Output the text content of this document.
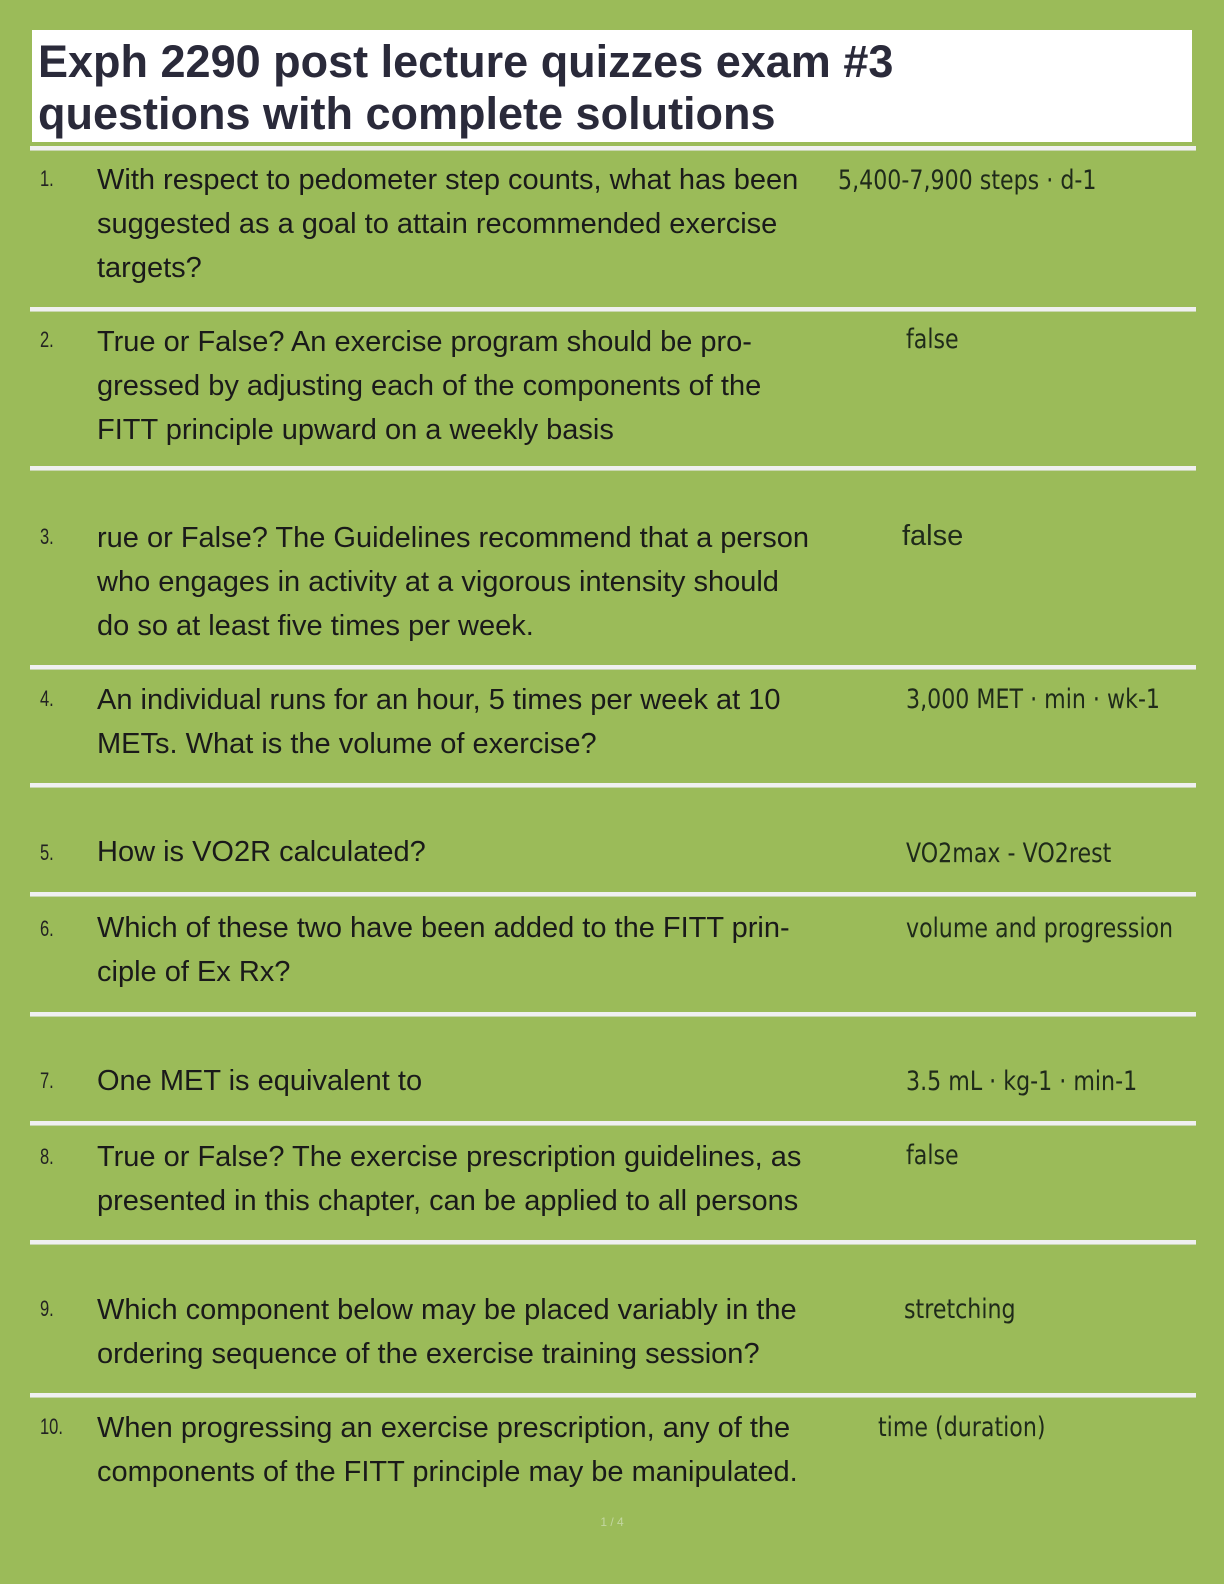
Exph 2290 post lecture quizzes exam #3
questions with complete solutions
1. With respect to pedometer step counts, what has been
suggested as a goal to attain recommended exercise
targets?
5,400-7,900 steps · d-1
2. True or False? An exercise program should be pro-
gressed by adjusting each of the components of the
FITT principle upward on a weekly basis
false
3. rue or False? The Guidelines recommend that a person
who engages in activity at a vigorous intensity should
do so at least five times per week.
false
4. An individual runs for an hour, 5 times per week at 10
METs. What is the volume of exercise?
3,000 MET · min · wk-1
5. How is VO2R calculated?	VO2max - VO2rest
6. Which of these two have been added to the FITT prin-
ciple of Ex Rx?
volume and progression
7. One MET is equivalent to	3.5 mL · kg-1 · min-1
8. True or False? The exercise prescription guidelines, as
presented in this chapter, can be applied to all persons
false
9. Which component below may be placed variably in the
ordering sequence of the exercise training session?
stretching
10. When progressing an exercise prescription, any of the
components of the FITT principle may be manipulated.
time (duration)
1 / 4
